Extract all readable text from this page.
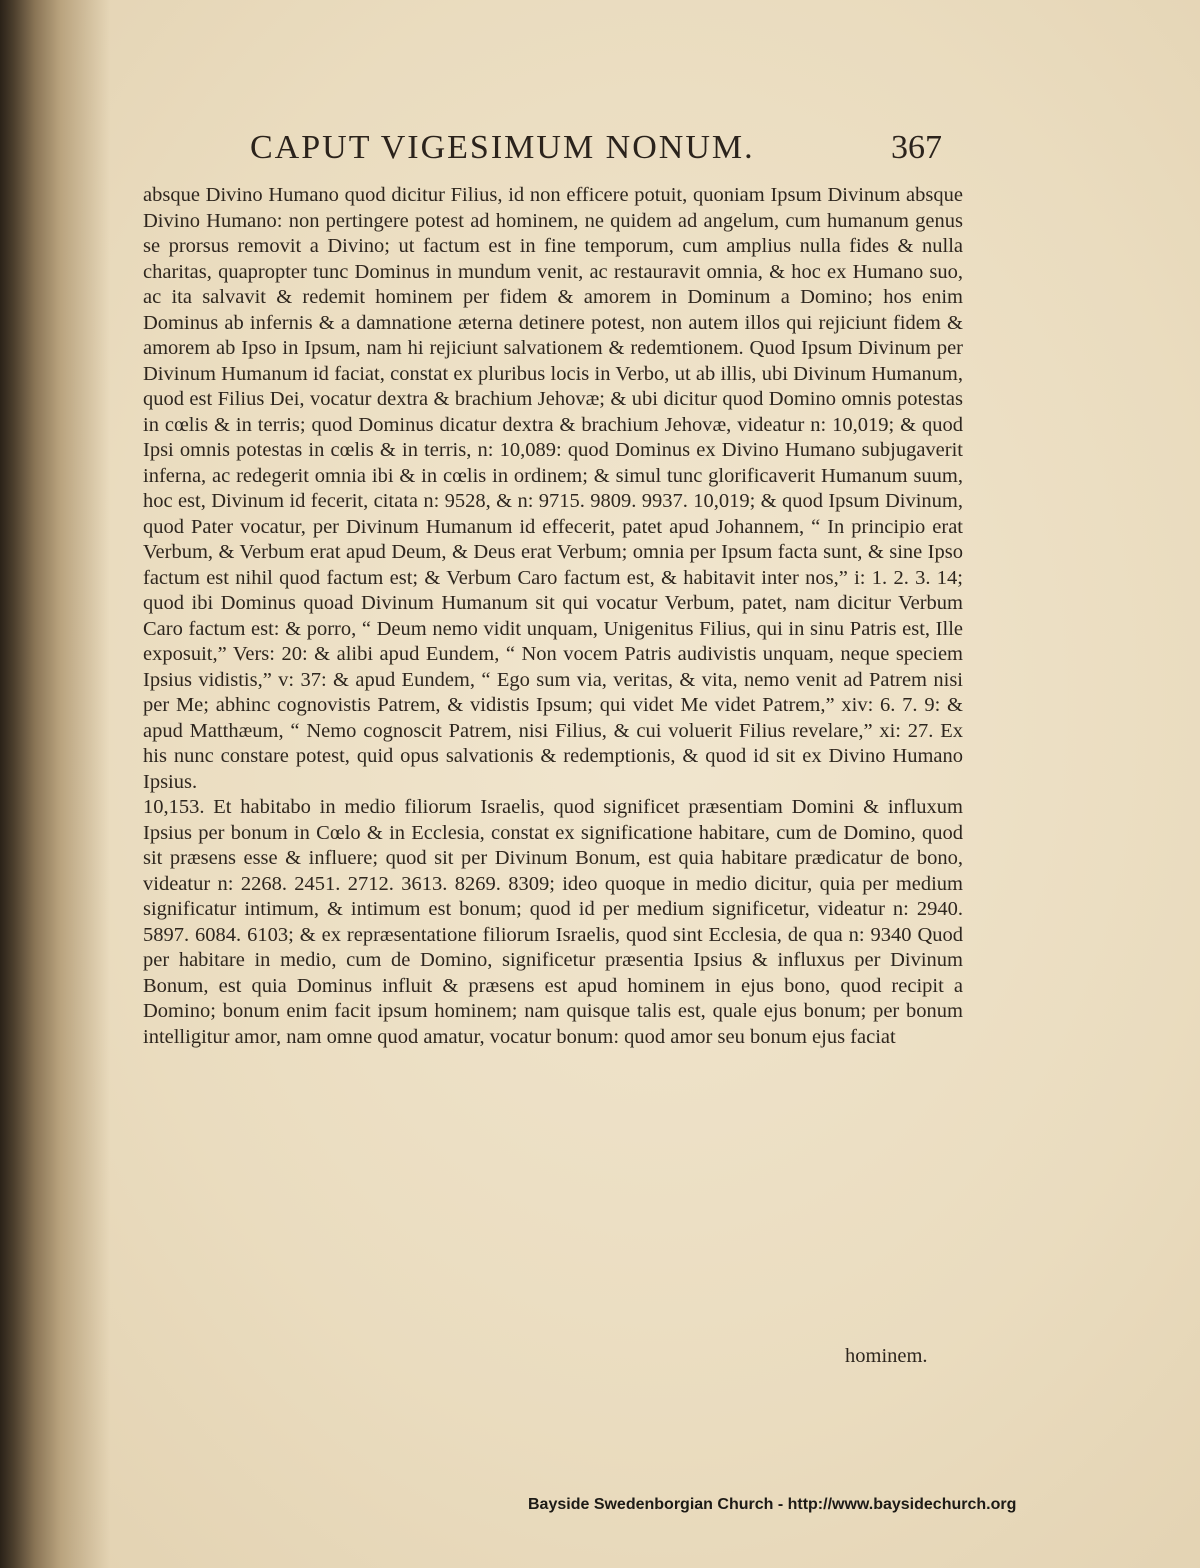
CAPUT VIGESIMUM NONUM.	367

absque Divino Humano quod dicitur Filius, id non efficere potuit, quoniam Ipsum Divinum absque Divino Humano: non pertingere potest ad hominem, ne quidem ad angelum, cum humanum genus se prorsus removit a Divino; ut factum est in fine temporum, cum amplius nulla fides & nulla charitas, quapropter tunc Dominus in mundum venit, ac restauravit omnia, & hoc ex Humano suo, ac ita salvavit & redemit hominem per fidem & amorem in Dominum a Domino; hos enim Dominus ab infernis & a damnatione æterna detinere potest, non autem illos qui rejiciunt fidem & amorem ab Ipso in Ipsum, nam hi rejiciunt salvationem & redemtionem. Quod Ipsum Divinum per Divinum Humanum id faciat, constat ex pluribus locis in Verbo, ut ab illis, ubi Divinum Humanum, quod est Filius Dei, vocatur dextra & brachium Jehovæ; & ubi dicitur quod Domino omnis potestas in cœlis & in terris; quod Dominus dicatur dextra & brachium Jehovæ, videatur n: 10,019; & quod Ipsi omnis potestas in cœlis & in terris, n: 10,089: quod Dominus ex Divino Humano subjugaverit inferna, ac redegerit omnia ibi & in cœlis in ordinem; & simul tunc glorificaverit Humanum suum, hoc est, Divinum id fecerit, citata n: 9528, & n: 9715. 9809. 9937. 10,019; & quod Ipsum Divinum, quod Pater vocatur, per Divinum Humanum id effecerit, patet apud Johannem, “ In principio erat Verbum, & Verbum erat apud Deum, & Deus erat Verbum; omnia per Ipsum facta sunt, & sine Ipso factum est nihil quod factum est; & Verbum Caro factum est, & habitavit inter nos,” i: 1. 2. 3. 14; quod ibi Dominus quoad Divinum Humanum sit qui vocatur Verbum, patet, nam dicitur Verbum Caro factum est: & porro, “ Deum nemo vidit unquam, Unigenitus Filius, qui in sinu Patris est, Ille exposuit,” Vers: 20: & alibi apud Eundem, “ Non vocem Patris audivistis unquam, neque speciem Ipsius vidistis,” v: 37: & apud Eundem, “ Ego sum via, veritas, & vita, nemo venit ad Patrem nisi per Me; abhinc cognovistis Patrem, & vidistis Ipsum; qui videt Me videt Patrem,” xiv: 6. 7. 9: & apud Matthæum, “ Nemo cognoscit Patrem, nisi Filius, & cui voluerit Filius revelare,” xi: 27. Ex his nunc constare potest, quid opus salvationis & redemptionis, & quod id sit ex Divino Humano Ipsius.

10,153. Et habitabo in medio filiorum Israelis, quod significet præsentiam Domini & influxum Ipsius per bonum in Cœlo & in Ecclesia, constat ex significatione habitare, cum de Domino, quod sit præsens esse & influere; quod sit per Divinum Bonum, est quia habitare prædicatur de bono, videatur n: 2268. 2451. 2712. 3613. 8269. 8309; ideo quoque in medio dicitur, quia per medium significatur intimum, & intimum est bonum; quod id per medium significetur, videatur n: 2940. 5897. 6084. 6103; & ex repræsentatione filiorum Israelis, quod sint Ecclesia, de qua n: 9340 Quod per habitare in medio, cum de Domino, significetur præsentia Ipsius & influxus per Divinum Bonum, est quia Dominus influit & præsens est apud hominem in ejus bono, quod recipit a Domino; bonum enim facit ipsum hominem; nam quisque talis est, quale ejus bonum; per bonum intelligitur amor, nam omne quod amatur, vocatur bonum: quod amor seu bonum ejus faciat

hominem.
Bayside Swedenborgian Church - http://www.baysidechurch.org
